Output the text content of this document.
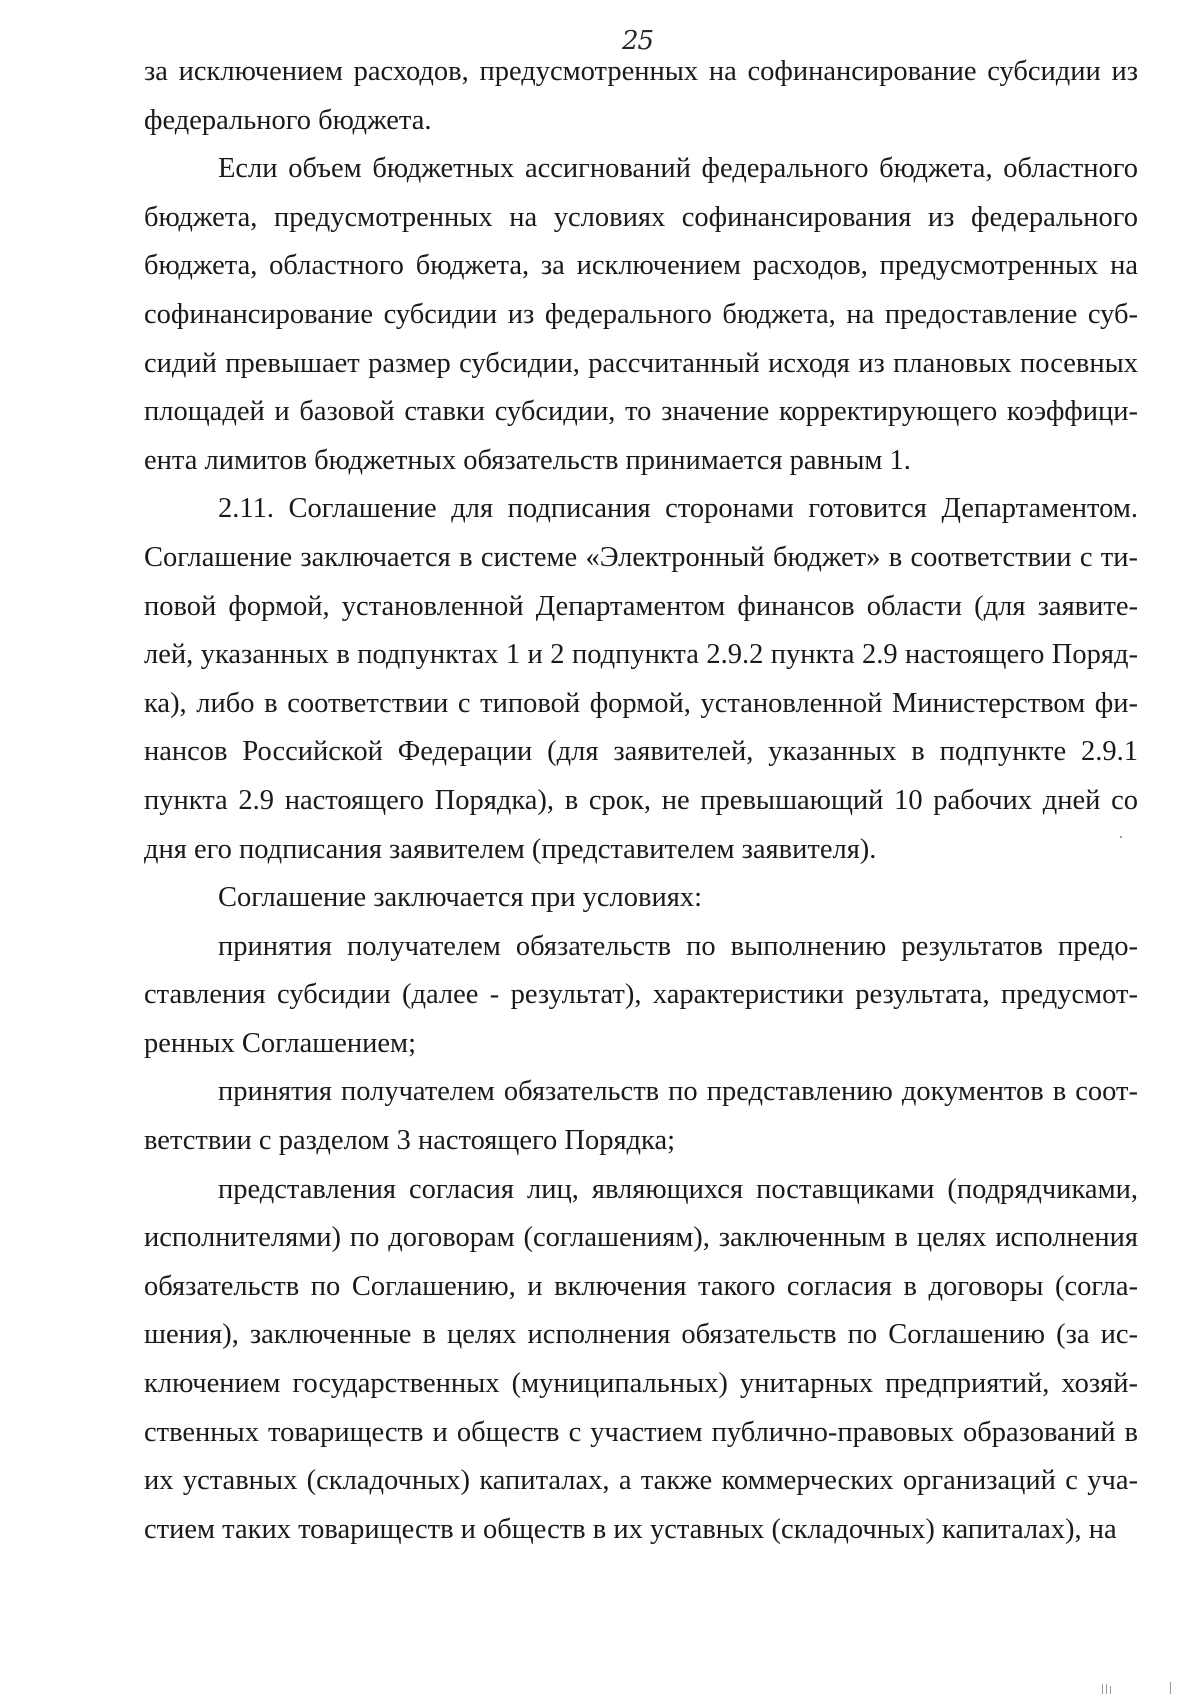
25

за исключением расходов, предусмотренных на софинансирование субсидии из федерального бюджета.

Если объем бюджетных ассигнований федерального бюджета, областного бюджета, предусмотренных на условиях софинансирования из федерального бюджета, областного бюджета, за исключением расходов, предусмотренных на софинансирование субсидии из федерального бюджета, на предоставление субсидий превышает размер субсидии, рассчитанный исходя из плановых посевных площадей и базовой ставки субсидии, то значение корректирующего коэффициента лимитов бюджетных обязательств принимается равным 1.

2.11. Соглашение для подписания сторонами готовится Департаментом. Соглашение заключается в системе «Электронный бюджет» в соответствии с типовой формой, установленной Департаментом финансов области (для заявителей, указанных в подпунктах 1 и 2 подпункта 2.9.2 пункта 2.9 настоящего Порядка), либо в соответствии с типовой формой, установленной Министерством финансов Российской Федерации (для заявителей, указанных в подпункте 2.9.1 пункта 2.9 настоящего Порядка), в срок, не превышающий 10 рабочих дней со дня его подписания заявителем (представителем заявителя).

Соглашение заключается при условиях:

принятия получателем обязательств по выполнению результатов предоставления субсидии (далее - результат), характеристики результата, предусмотренных Соглашением;

принятия получателем обязательств по представлению документов в соответствии с разделом 3 настоящего Порядка;

представления согласия лиц, являющихся поставщиками (подрядчиками, исполнителями) по договорам (соглашениям), заключенным в целях исполнения обязательств по Соглашению, и включения такого согласия в договоры (соглашения), заключенные в целях исполнения обязательств по Соглашению (за исключением государственных (муниципальных) унитарных предприятий, хозяйственных товариществ и обществ с участием публично-правовых образований в их уставных (складочных) капиталах, а также коммерческих организаций с участием таких товариществ и обществ в их уставных (складочных) капиталах), на
